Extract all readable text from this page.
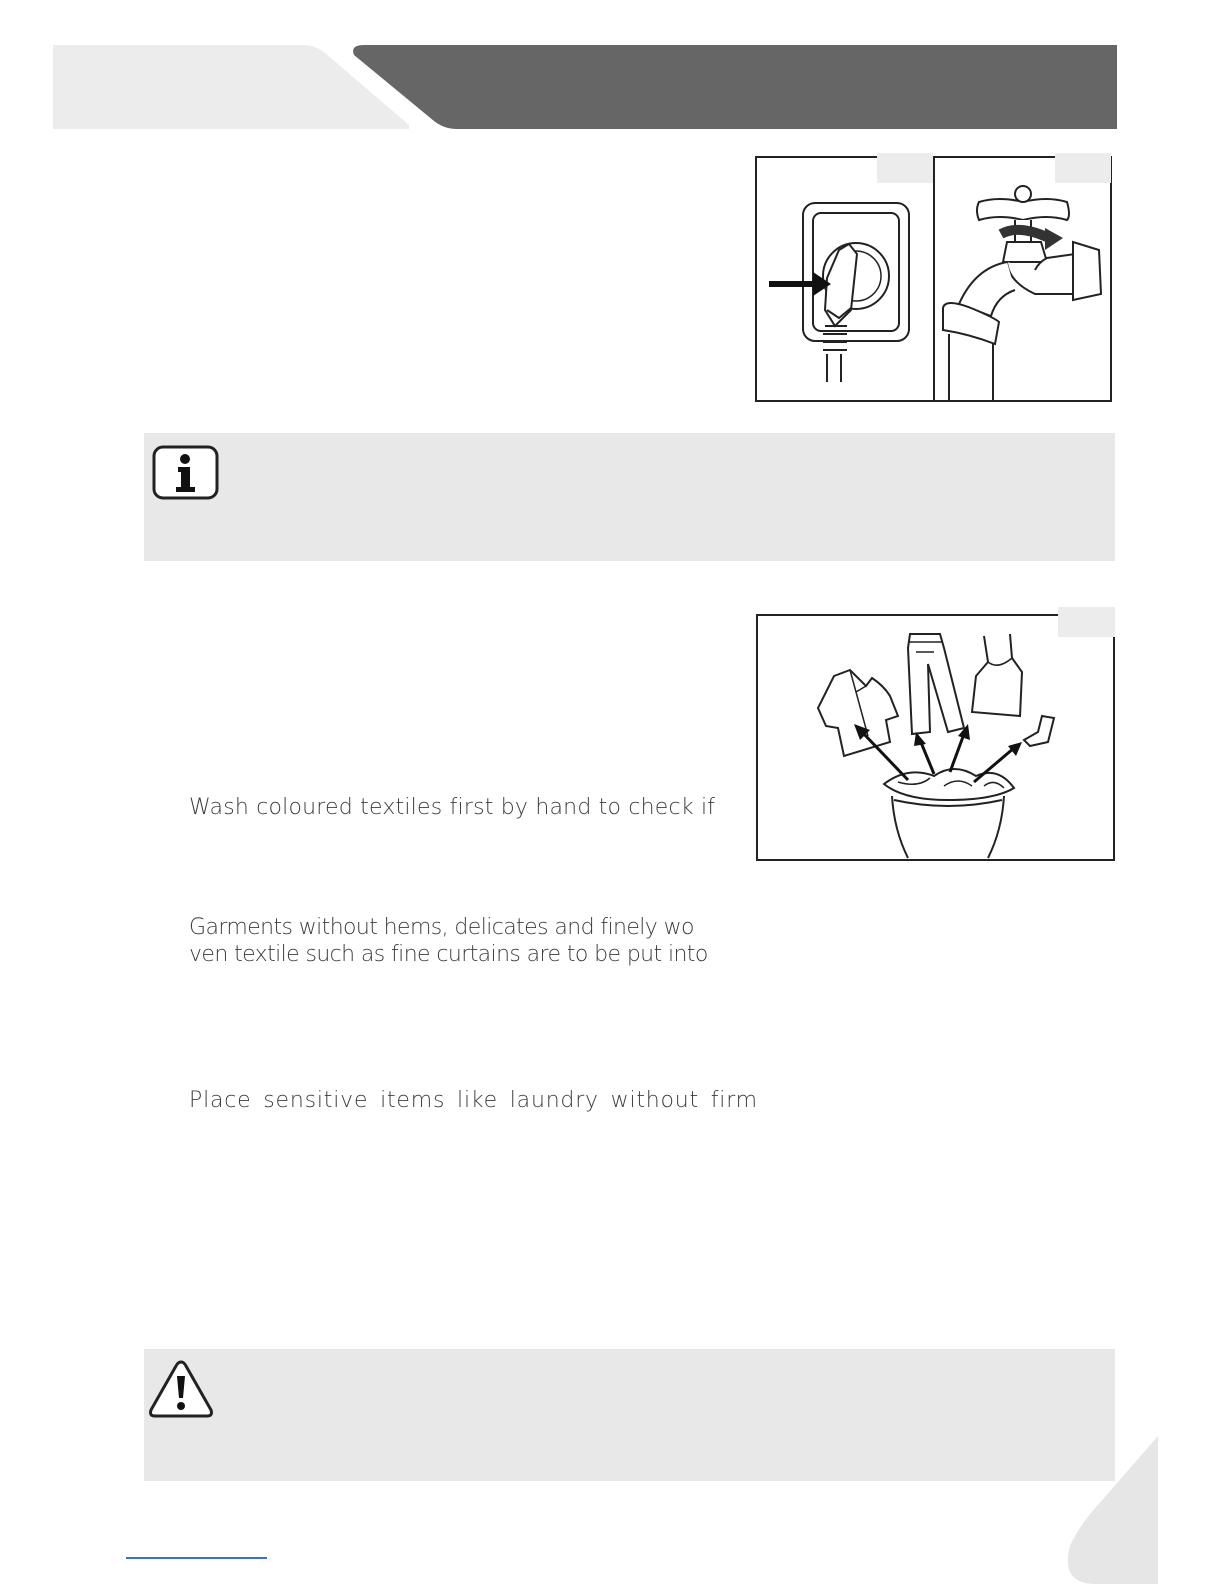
Wash coloured textiles first by hand to check if
Garments without hems, delicates and finely wo
ven textile such as fine curtains are to be put into
Place sensitive items like laundry without firm
